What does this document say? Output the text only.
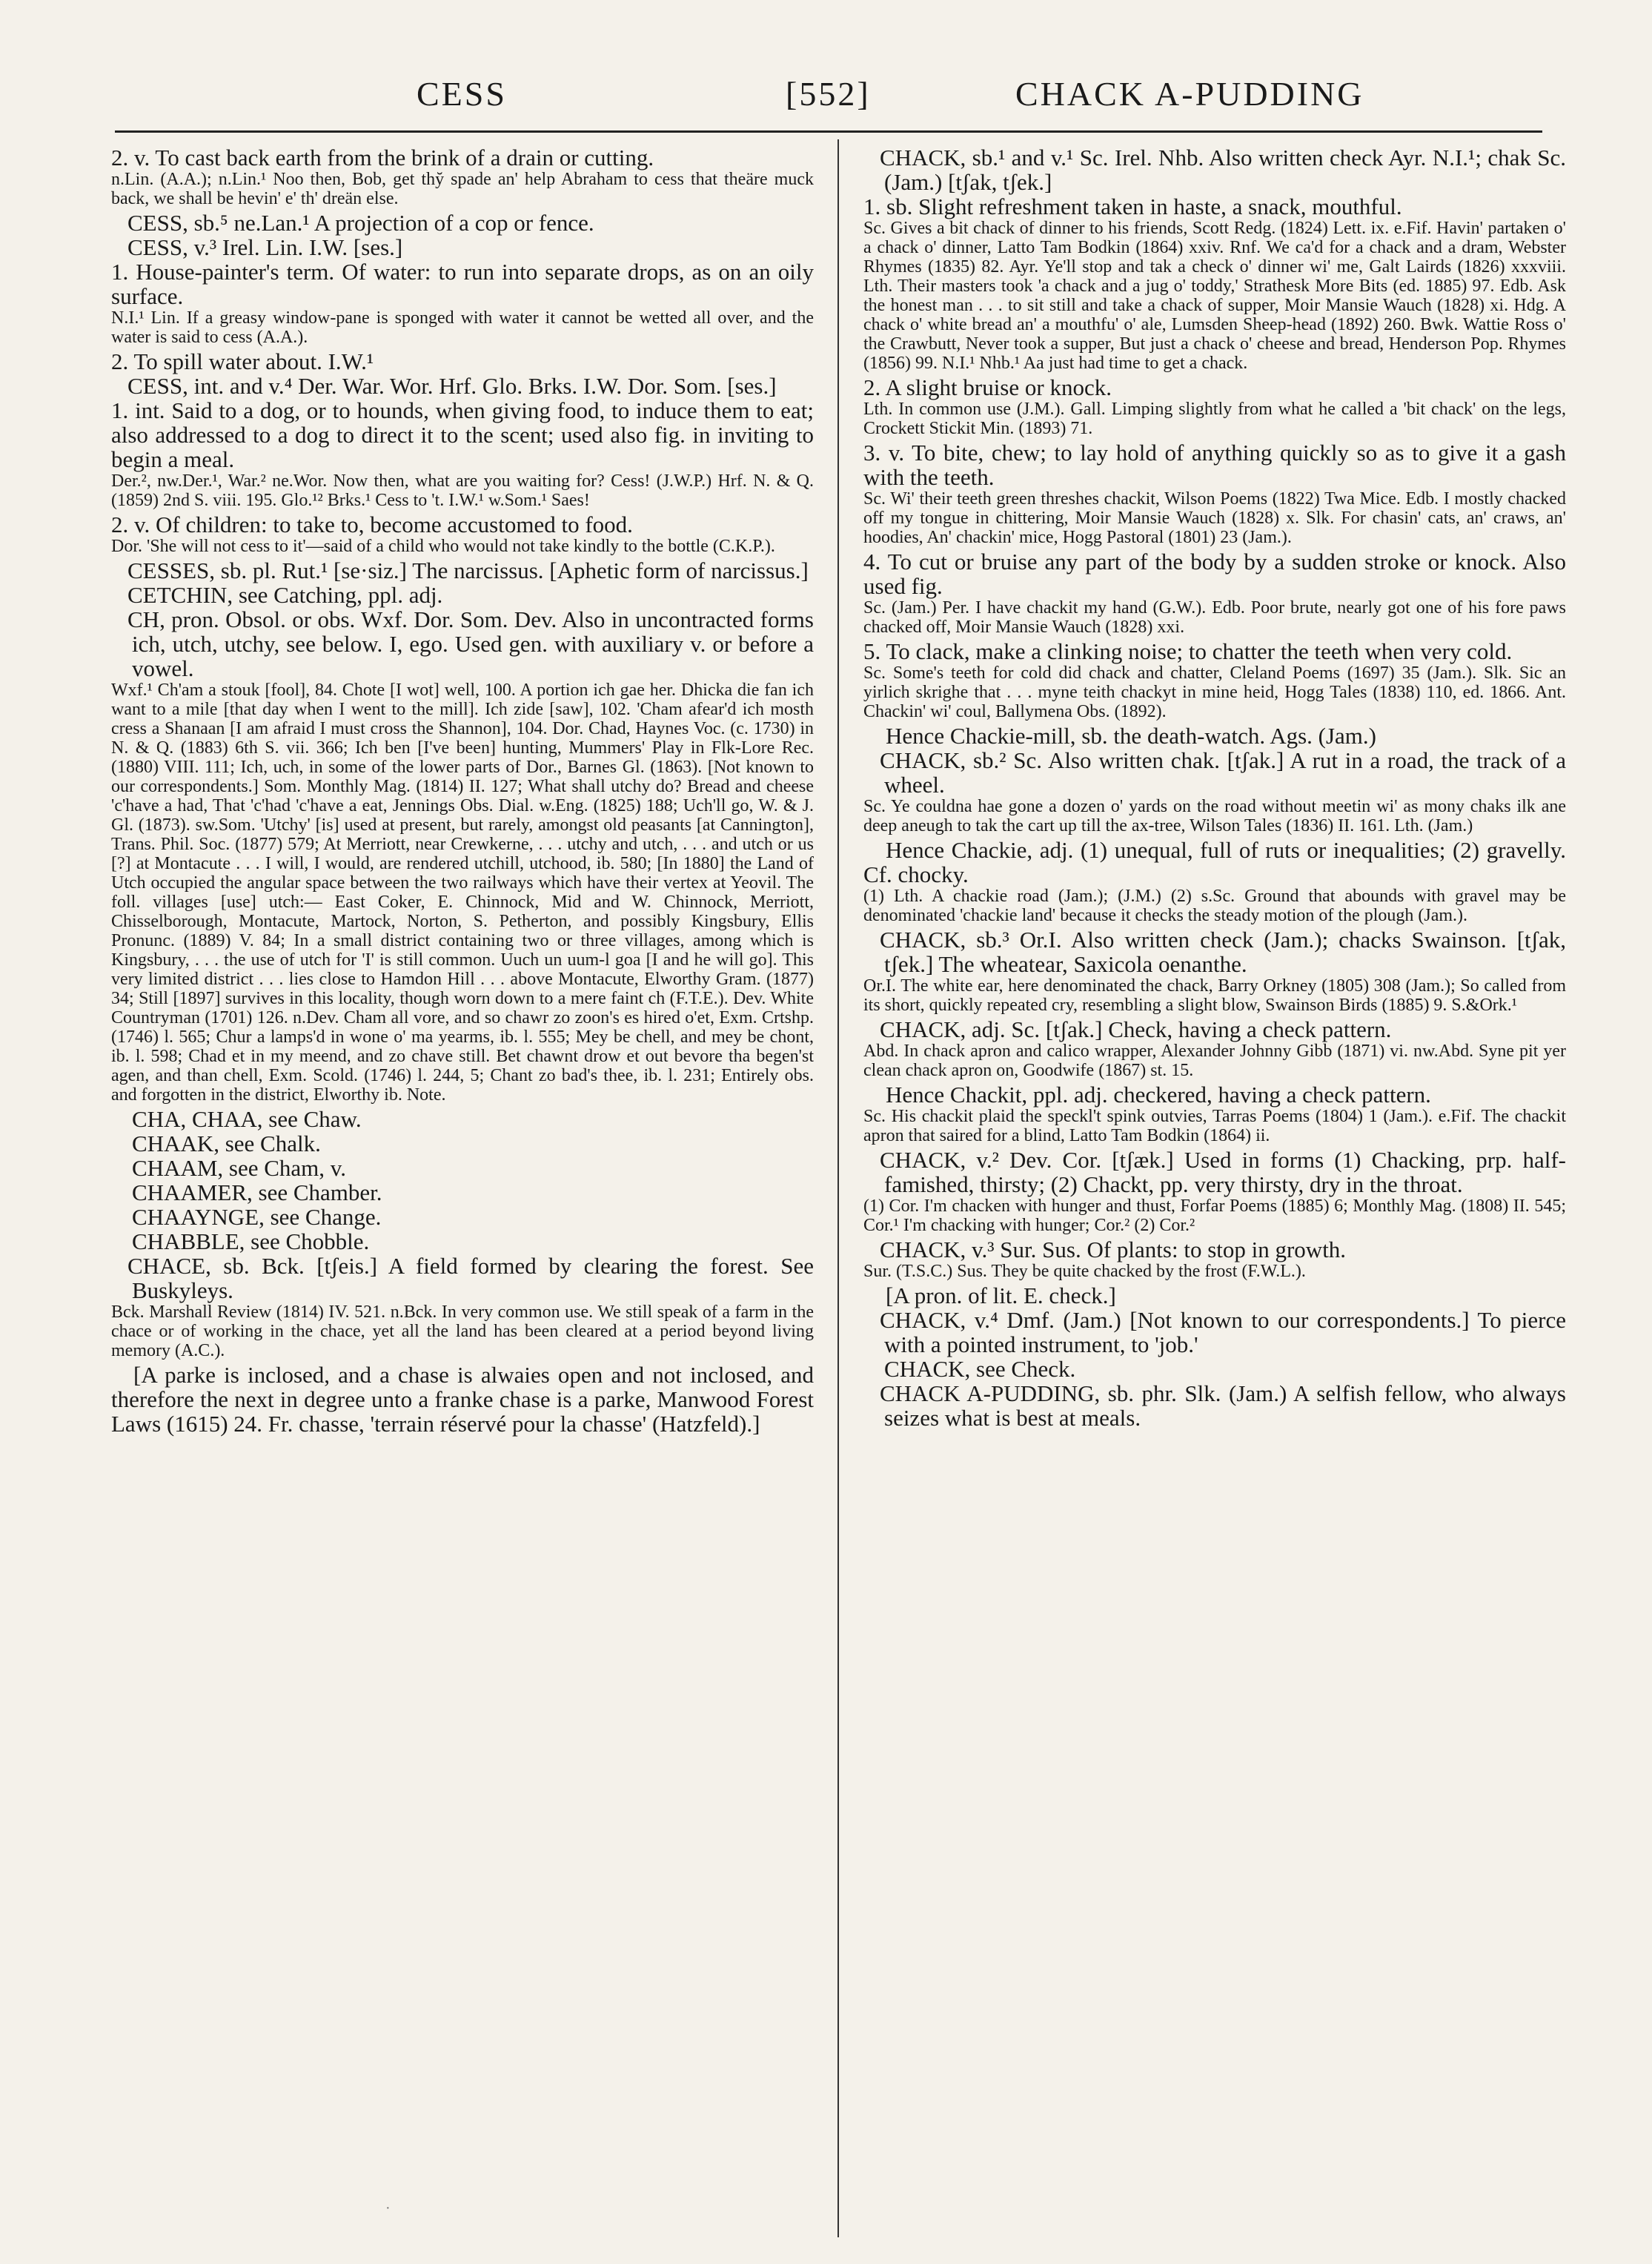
CESS	[552]	CHACK A-PUDDING

2. v. To cast back earth from the brink of a drain or cutting.

n.Lin. (A.A.); n.Lin.¹ Noo then, Bob, get thy̆ spade an' help Abraham to cess that theäre muck back, we shall be hevin' e' th' dreän else.

CESS, sb.⁵ ne.Lan.¹ A projection of a cop or fence.

CESS, v.³ Irel. Lin. I.W. [ses.]

1. House-painter's term. Of water: to run into separate drops, as on an oily surface.

N.I.¹ Lin. If a greasy window-pane is sponged with water it cannot be wetted all over, and the water is said to cess (A.A.).

2. To spill water about. I.W.¹

CESS, int. and v.⁴ Der. War. Wor. Hrf. Glo. Brks. I.W. Dor. Som. [ses.]

1. int. Said to a dog, or to hounds, when giving food, to induce them to eat; also addressed to a dog to direct it to the scent; used also fig. in inviting to begin a meal.

Der.², nw.Der.¹, War.² ne.Wor. Now then, what are you waiting for? Cess! (J.W.P.) Hrf. N. & Q. (1859) 2nd S. viii. 195. Glo.¹² Brks.¹ Cess to 't. I.W.¹ w.Som.¹ Saes!

2. v. Of children: to take to, become accustomed to food.

Dor. 'She will not cess to it'—said of a child who would not take kindly to the bottle (C.K.P.).

CESSES, sb. pl. Rut.¹ [se·siz.] The narcissus. [Aphetic form of narcissus.]

CETCHIN, see Catching, ppl. adj.

CH, pron. Obsol. or obs. Wxf. Dor. Som. Dev. Also in uncontracted forms ich, utch, utchy, see below. I, ego. Used gen. with auxiliary v. or before a vowel.

Wxf.¹ Ch'am a stouk [fool], 84. Chote [I wot] well, 100. A portion ich gae her. Dhicka die fan ich want to a mile [that day when I went to the mill]. Ich zide [saw], 102. 'Cham afear'd ich mosth cress a Shanaan [I am afraid I must cross the Shannon], 104. Dor. Chad, Haynes Voc. (c. 1730) in N. & Q. (1883) 6th S. vii. 366; Ich ben [I've been] hunting, Mummers' Play in Flk-Lore Rec. (1880) VIII. 111; Ich, uch, in some of the lower parts of Dor., Barnes Gl. (1863). [Not known to our correspondents.] Som. Monthly Mag. (1814) II. 127; What shall utchy do? Bread and cheese 'c'have a had, That 'c'had 'c'have a eat, Jennings Obs. Dial. w.Eng. (1825) 188; Uch'll go, W. & J. Gl. (1873). sw.Som. 'Utchy' [is] used at present, but rarely, amongst old peasants [at Cannington], Trans. Phil. Soc. (1877) 579; At Merriott, near Crewkerne, . . . utchy and utch, . . . and utch or us [?] at Montacute . . . I will, I would, are rendered utchill, utchood, ib. 580; [In 1880] the Land of Utch occupied the angular space between the two railways which have their vertex at Yeovil. The foll. villages [use] utch:— East Coker, E. Chinnock, Mid and W. Chinnock, Merriott, Chisselborough, Montacute, Martock, Norton, S. Petherton, and possibly Kingsbury, Ellis Pronunc. (1889) V. 84; In a small district containing two or three villages, among which is Kingsbury, . . . the use of utch for 'I' is still common. Uuch un uum-l goa [I and he will go]. This very limited district . . . lies close to Hamdon Hill . . . above Montacute, Elworthy Gram. (1877) 34; Still [1897] survives in this locality, though worn down to a mere faint ch (F.T.E.). Dev. White Countryman (1701) 126. n.Dev. Cham all vore, and so chawr zo zoon's es hired o'et, Exm. Crtshp. (1746) l. 565; Chur a lamps'd in wone o' ma yearms, ib. l. 555; Mey be chell, and mey be chont, ib. l. 598; Chad et in my meend, and zo chave still. Bet chawnt drow et out bevore tha begen'st agen, and than chell, Exm. Scold. (1746) l. 244, 5; Chant zo bad's thee, ib. l. 231; Entirely obs. and forgotten in the district, Elworthy ib. Note.

CHA, CHAA, see Chaw.

CHAAK, see Chalk.

CHAAM, see Cham, v.

CHAAMER, see Chamber.

CHAAYNGE, see Change.

CHABBLE, see Chobble.

CHACE, sb. Bck. [tʃeis.] A field formed by clearing the forest. See Buskyleys.

Bck. Marshall Review (1814) IV. 521. n.Bck. In very common use. We still speak of a farm in the chace or of working in the chace, yet all the land has been cleared at a period beyond living memory (A.C.).

[A parke is inclosed, and a chase is alwaies open and not inclosed, and therefore the next in degree unto a franke chase is a parke, Manwood Forest Laws (1615) 24. Fr. chasse, 'terrain réservé pour la chasse' (Hatzfeld).]

CHACK, sb.¹ and v.¹ Sc. Irel. Nhb. Also written check Ayr. N.I.¹; chak Sc. (Jam.) [tʃak, tʃek.]

1. sb. Slight refreshment taken in haste, a snack, mouthful.

Sc. Gives a bit chack of dinner to his friends, Scott Redg. (1824) Lett. ix. e.Fif. Havin' partaken o' a chack o' dinner, Latto Tam Bodkin (1864) xxiv. Rnf. We ca'd for a chack and a dram, Webster Rhymes (1835) 82. Ayr. Ye'll stop and tak a check o' dinner wi' me, Galt Lairds (1826) xxxviii. Lth. Their masters took 'a chack and a jug o' toddy,' Strathesk More Bits (ed. 1885) 97. Edb. Ask the honest man . . . to sit still and take a chack of supper, Moir Mansie Wauch (1828) xi. Hdg. A chack o' white bread an' a mouthfu' o' ale, Lumsden Sheep-head (1892) 260. Bwk. Wattie Ross o' the Crawbutt, Never took a supper, But just a chack o' cheese and bread, Henderson Pop. Rhymes (1856) 99. N.I.¹ Nhb.¹ Aa just had time to get a chack.

2. A slight bruise or knock.

Lth. In common use (J.M.). Gall. Limping slightly from what he called a 'bit chack' on the legs, Crockett Stickit Min. (1893) 71.

3. v. To bite, chew; to lay hold of anything quickly so as to give it a gash with the teeth.

Sc. Wi' their teeth green threshes chackit, Wilson Poems (1822) Twa Mice. Edb. I mostly chacked off my tongue in chittering, Moir Mansie Wauch (1828) x. Slk. For chasin' cats, an' craws, an' hoodies, An' chackin' mice, Hogg Pastoral (1801) 23 (Jam.).

4. To cut or bruise any part of the body by a sudden stroke or knock. Also used fig.

Sc. (Jam.) Per. I have chackit my hand (G.W.). Edb. Poor brute, nearly got one of his fore paws chacked off, Moir Mansie Wauch (1828) xxi.

5. To clack, make a clinking noise; to chatter the teeth when very cold.

Sc. Some's teeth for cold did chack and chatter, Cleland Poems (1697) 35 (Jam.). Slk. Sic an yirlich skrighe that . . . myne teith chackyt in mine heid, Hogg Tales (1838) 110, ed. 1866. Ant. Chackin' wi' coul, Ballymena Obs. (1892).

Hence Chackie-mill, sb. the death-watch. Ags. (Jam.)

CHACK, sb.² Sc. Also written chak. [tʃak.] A rut in a road, the track of a wheel.

Sc. Ye couldna hae gone a dozen o' yards on the road without meetin wi' as mony chaks ilk ane deep aneugh to tak the cart up till the ax-tree, Wilson Tales (1836) II. 161. Lth. (Jam.)

Hence Chackie, adj. (1) unequal, full of ruts or inequalities; (2) gravelly. Cf. chocky.

(1) Lth. A chackie road (Jam.); (J.M.) (2) s.Sc. Ground that abounds with gravel may be denominated 'chackie land' because it checks the steady motion of the plough (Jam.).

CHACK, sb.³ Or.I. Also written check (Jam.); chacks Swainson. [tʃak, tʃek.] The wheatear, Saxicola oenanthe.

Or.I. The white ear, here denominated the chack, Barry Orkney (1805) 308 (Jam.); So called from its short, quickly repeated cry, resembling a slight blow, Swainson Birds (1885) 9. S.&Ork.¹

CHACK, adj. Sc. [tʃak.] Check, having a check pattern.

Abd. In chack apron and calico wrapper, Alexander Johnny Gibb (1871) vi. nw.Abd. Syne pit yer clean chack apron on, Goodwife (1867) st. 15.

Hence Chackit, ppl. adj. checkered, having a check pattern.

Sc. His chackit plaid the speckl't spink outvies, Tarras Poems (1804) 1 (Jam.). e.Fif. The chackit apron that saired for a blind, Latto Tam Bodkin (1864) ii.

CHACK, v.² Dev. Cor. [tʃæk.] Used in forms (1) Chacking, prp. half-famished, thirsty; (2) Chackt, pp. very thirsty, dry in the throat.

(1) Cor. I'm chacken with hunger and thust, Forfar Poems (1885) 6; Monthly Mag. (1808) II. 545; Cor.¹ I'm chacking with hunger; Cor.² (2) Cor.²

CHACK, v.³ Sur. Sus. Of plants: to stop in growth.

Sur. (T.S.C.) Sus. They be quite chacked by the frost (F.W.L.).

[A pron. of lit. E. check.]

CHACK, v.⁴ Dmf. (Jam.) [Not known to our correspondents.] To pierce with a pointed instrument, to 'job.'

CHACK, see Check.

CHACK A-PUDDING, sb. phr. Slk. (Jam.) A selfish fellow, who always seizes what is best at meals.

·
